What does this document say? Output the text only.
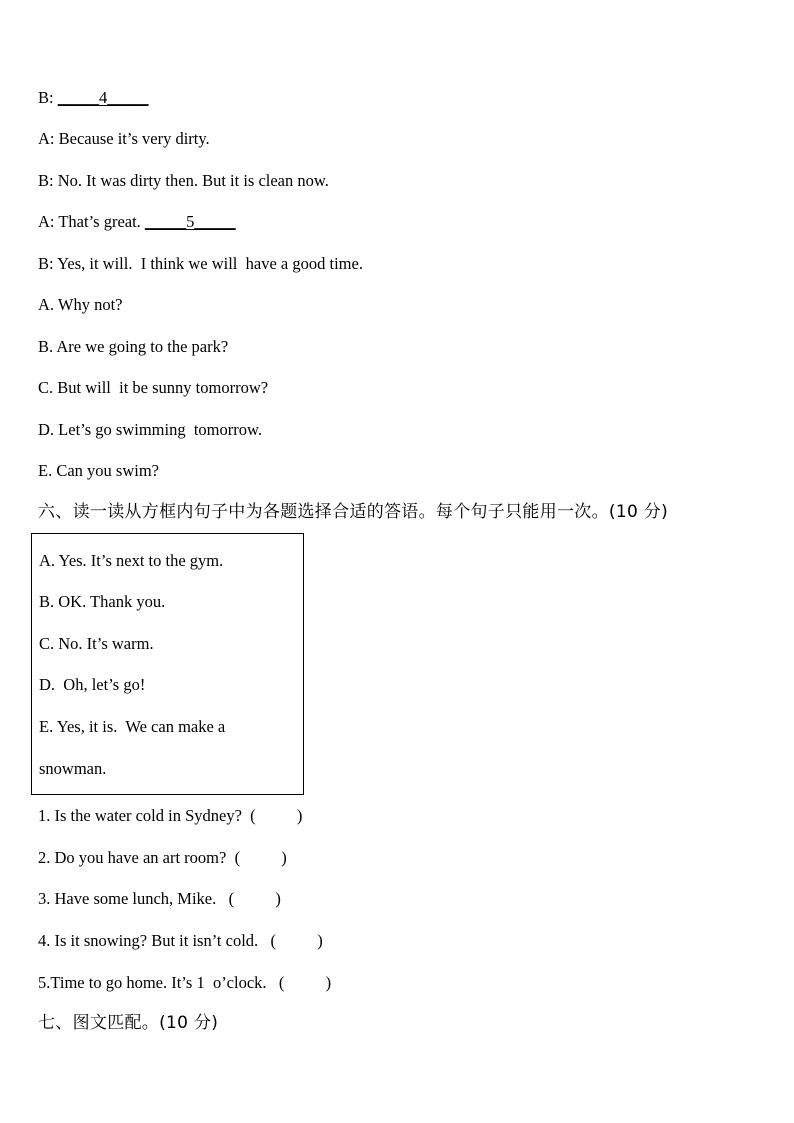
B: _____4_____
A: Because it’s very dirty.
B: No. It was dirty then. But it is clean now.
A: That’s great. _____5_____
B: Yes, it will.  I think we will  have a good time.
A. Why not?
B. Are we going to the park?
C. But will  it be sunny tomorrow?
D. Let’s go swimming  tomorrow.
E. Can you swim?
六、读一读从方框内句子中为各题选择合适的答语。每个句子只能用一次。(10 分)
A. Yes. It’s next to the gym.
B. OK. Thank you.
C. No. It’s warm.
D.  Oh, let’s go!
E. Yes, it is.  We can make a
snowman.
1. Is the water cold in Sydney?  (          )
2. Do you have an art room?  (          )
3. Have some lunch, Mike.   (          )
4. Is it snowing? But it isn’t cold.   (          )
5.Time to go home. It’s 1  o’clock.   (          )
七、图文匹配。(10 分)
